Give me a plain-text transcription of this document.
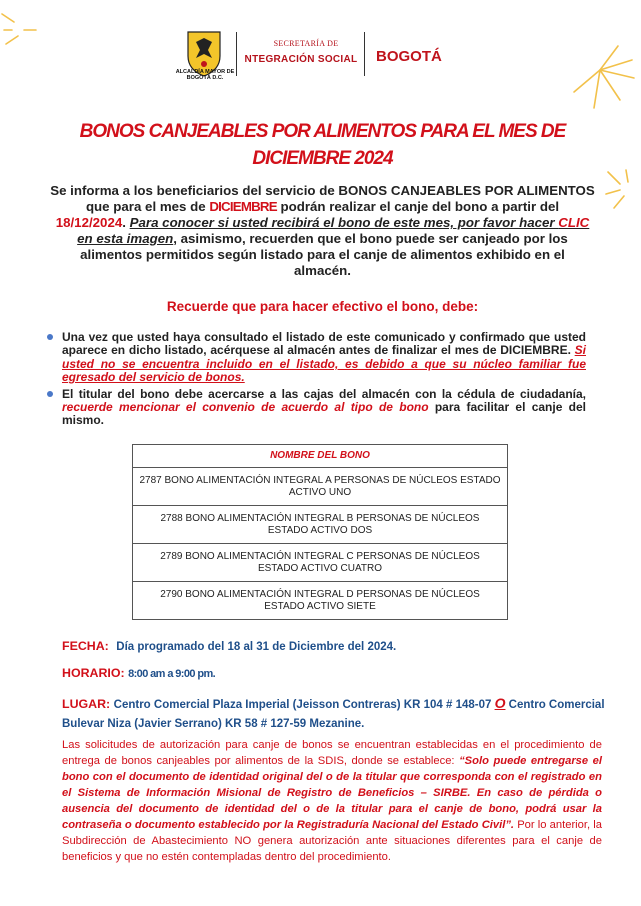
ALCALDÍA MAYOR DE BOGOTÁ D.C.
SECRETARÍA DE
NTEGRACIÓN SOCIAL BOGOTÁ
BONOS CANJEABLES POR ALIMENTOS PARA EL MES DE DICIEMBRE 2024
Se informa a los beneficiarios del servicio de BONOS CANJEABLES POR ALIMENTOS que para el mes de DICIEMBRE podrán realizar el canje del bono a partir del 18/12/2024. Para conocer si usted recibirá el bono de este mes, por favor hacer CLIC en esta imagen, asimismo, recuerden que el bono puede ser canjeado por los alimentos permitidos según listado para el canje de alimentos exhibido en el almacén.
Recuerde que para hacer efectivo el bono, debe:
Una vez que usted haya consultado el listado de este comunicado y confirmado que usted aparece en dicho listado, acérquese al almacén antes de finalizar el mes de DICIEMBRE. Si usted no se encuentra incluido en el listado, es debido a que su núcleo familiar fue egresado del servicio de bonos.
El titular del bono debe acercarse a las cajas del almacén con la cédula de ciudadanía, recuerde mencionar el convenio de acuerdo al tipo de bono para facilitar el canje del mismo.
NOMBRE DEL BONO
2787 BONO ALIMENTACIÓN INTEGRAL A PERSONAS DE NÚCLEOS ESTADO ACTIVO UNO
2788 BONO ALIMENTACIÓN INTEGRAL B PERSONAS DE NÚCLEOS ESTADO ACTIVO DOS
2789 BONO ALIMENTACIÓN INTEGRAL C PERSONAS DE NÚCLEOS ESTADO ACTIVO CUATRO
2790 BONO ALIMENTACIÓN INTEGRAL D PERSONAS DE NÚCLEOS ESTADO ACTIVO SIETE
FECHA: Día programado del 18 al 31 de Diciembre del 2024.
HORARIO: 8:00 am a 9:00 pm.
LUGAR: Centro Comercial Plaza Imperial (Jeisson Contreras) KR 104 # 148-07 O Centro Comercial Bulevar Niza (Javier Serrano) KR 58 # 127-59 Mezanine.
Las solicitudes de autorización para canje de bonos se encuentran establecidas en el procedimiento de entrega de bonos canjeables por alimentos de la SDIS, donde se establece: “Solo puede entregarse el bono con el documento de identidad original del o de la titular que corresponda con el registrado en el Sistema de Información Misional de Registro de Beneficios – SIRBE. En caso de pérdida o ausencia del documento de identidad del o de la titular para el canje de bono, podrá usar la contraseña o documento establecido por la Registraduría Nacional del Estado Civil”. Por lo anterior, la Subdirección de Abastecimiento NO genera autorización ante situaciones diferentes para el canje de beneficios y que no estén contempladas dentro del procedimiento.
